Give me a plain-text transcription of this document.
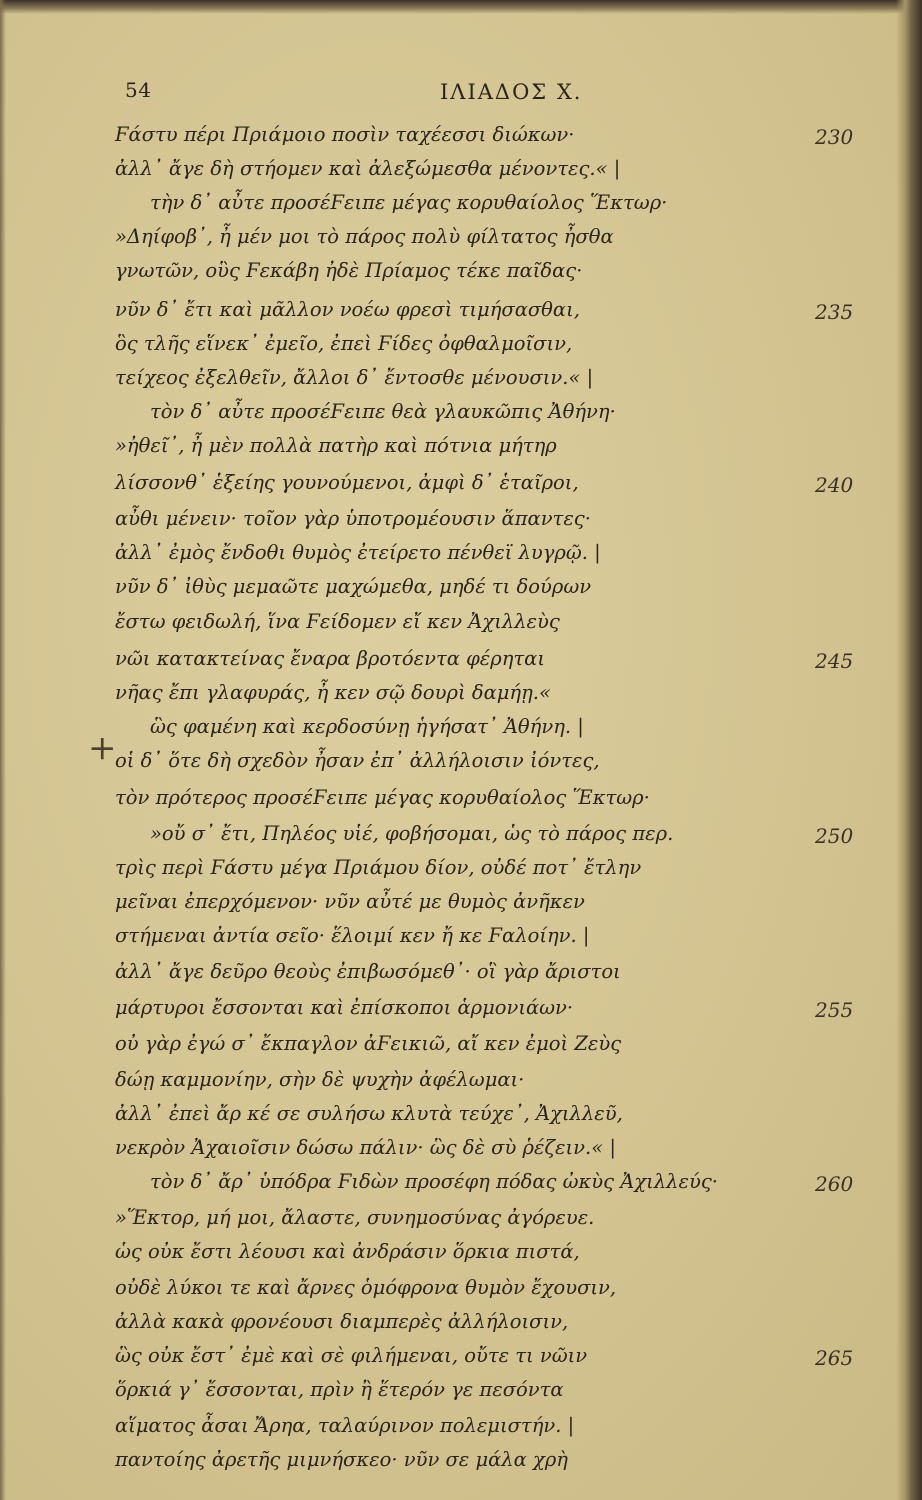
54	ΙΛΙΑΔΟΣ X.
+
Ϝάστυ πέρι Πριάμοιο ποσὶν ταχέεσσι διώκων·
ἀλλ᾽ ἄγε δὴ στήομεν καὶ ἀλεξώμεσθα μένοντες.« |
τὴν δ᾽ αὖτε προσέϜειπε μέγας κορυθαίολος Ἕκτωρ·
»Δηίφοβ᾽, ἦ μέν μοι τὸ πάρος πολὺ φίλτατος ἦσθα
γνωτῶν, οὓς Ϝεκάβη ἠδὲ Πρίαμος τέκε παῖδας·
νῦν δ᾽ ἔτι καὶ μᾶλλον νοέω φρεσὶ τιμήσασθαι,
ὃς τλῆς εἵνεκ᾽ ἐμεῖο, ἐπεὶ Ϝίδες ὀφθαλμοῖσιν,
τείχεος ἐξελθεῖν, ἄλλοι δ᾽ ἔντοσθε μένουσιν.« |
τὸν δ᾽ αὖτε προσέϜειπε θεὰ γλαυκῶπις Ἀθήνη·
»ἠθεῖ᾽, ἦ μὲν πολλὰ πατὴρ καὶ πότνια μήτηρ
λίσσονθ᾽ ἑξείης γουνούμενοι, ἀμφὶ δ᾽ ἑταῖροι,
αὖθι μένειν· τοῖον γὰρ ὑποτρομέουσιν ἅπαντες·
ἀλλ᾽ ἐμὸς ἔνδοθι θυμὸς ἐτείρετο πένθεϊ λυγρῷ. |
νῦν δ᾽ ἰθὺς μεμαῶτε μαχώμεθα, μηδέ τι δούρων
ἔστω φειδωλή, ἵνα Ϝείδομεν εἴ κεν Ἀχιλλεὺς
νῶι κατακτείνας ἔναρα βροτόεντα φέρηται
νῆας ἔπι γλαφυράς, ἦ κεν σῷ δουρὶ δαμήῃ.«
ὣς φαμένη καὶ κερδοσύνῃ ἡγήσατ᾽ Ἀθήνη. |
οἱ δ᾽ ὅτε δὴ σχεδὸν ἦσαν ἐπ᾽ ἀλλήλοισιν ἰόντες,
τὸν πρότερος προσέϜειπε μέγας κορυθαίολος Ἕκτωρ·
»οὔ σ᾽ ἔτι, Πηλέος υἱέ, φοβήσομαι, ὡς τὸ πάρος περ.
τρὶς περὶ Ϝάστυ μέγα Πριάμου δίον, οὐδέ ποτ᾽ ἔτλην
μεῖναι ἐπερχόμενον· νῦν αὖτέ με θυμὸς ἀνῆκεν
στήμεναι ἀντία σεῖο· ἕλοιμί κεν ἤ κε Ϝαλοίην. |
ἀλλ᾽ ἄγε δεῦρο θεοὺς ἐπιβωσόμεθ᾽· οἳ γὰρ ἄριστοι
μάρτυροι ἔσσονται καὶ ἐπίσκοποι ἁρμονιάων·
οὐ γὰρ ἐγώ σ᾽ ἔκπαγλον ἀϜεικιῶ, αἴ κεν ἐμοὶ Ζεὺς
δώῃ καμμονίην, σὴν δὲ ψυχὴν ἀφέλωμαι·
ἀλλ᾽ ἐπεὶ ἄρ κέ σε συλήσω κλυτὰ τεύχε᾽, Ἀχιλλεῦ,
νεκρὸν Ἀχαιοῖσιν δώσω πάλιν· ὣς δὲ σὺ ῥέζειν.« |
τὸν δ᾽ ἄρ᾽ ὑπόδρα Ϝιδὼν προσέφη πόδας ὠκὺς Ἀχιλλεύς·
»Ἕκτορ, μή μοι, ἄλαστε, συνημοσύνας ἀγόρευε.
ὡς οὐκ ἔστι λέουσι καὶ ἀνδράσιν ὅρκια πιστά,
οὐδὲ λύκοι τε καὶ ἄρνες ὁμόφρονα θυμὸν ἔχουσιν,
ἀλλὰ κακὰ φρονέουσι διαμπερὲς ἀλλήλοισιν,
ὣς οὐκ ἔστ᾽ ἐμὲ καὶ σὲ φιλήμεναι, οὔτε τι νῶιν
ὅρκιά γ᾽ ἔσσονται, πρὶν ἢ ἕτερόν γε πεσόντα
αἵματος ἆσαι Ἄρηα, ταλαύρινον πολεμιστήν. |
παντοίης ἀρετῆς μιμνήσκεο· νῦν σε μάλα χρὴ
230
235
240
245
250
255
260
265
